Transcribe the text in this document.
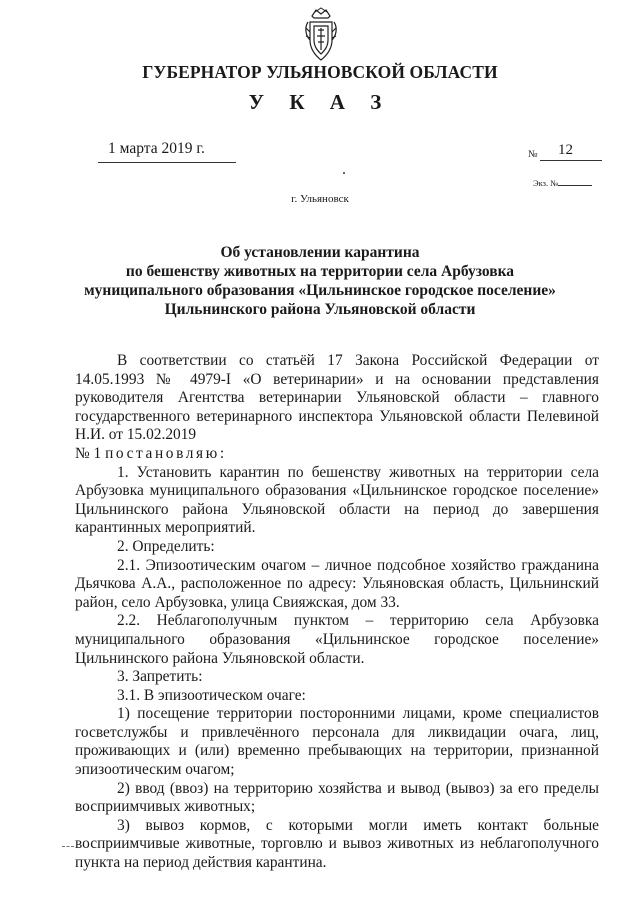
ГУБЕРНАТОР УЛЬЯНОВСКОЙ ОБЛАСТИ
У К А З
1 марта 2019 г.	№	12
Экз. №
г. Ульяновск
Об установлении карантина
по бешенству животных на территории села Арбузовка
муниципального образования «Цильнинское городское поселение»
Цильнинского района Ульяновской области

В соответствии со статьёй 17 Закона Российской Федерации от 14.05.1993 № 4979-I «О ветеринарии» и на основании представления руководителя Агентства ветеринарии Ульяновской области – главного государственного ветеринарного инспектора Ульяновской области Пелевиной Н.И. от 15.02.2019

№ 1 постановляю:

1. Установить карантин по бешенству животных на территории села Арбузовка муниципального образования «Цильнинское городское поселение» Цильнинского района Ульяновской области на период до завершения карантинных мероприятий.

2. Определить:

2.1. Эпизоотическим очагом – личное подсобное хозяйство гражданина Дьячкова А.А., расположенное по адресу: Ульяновская область, Цильнинский район, село Арбузовка, улица Свияжская, дом 33.

2.2. Неблагополучным пунктом – территорию села Арбузовка муниципального образования «Цильнинское городское поселение» Цильнинского района Ульяновской области.

3. Запретить:

3.1. В эпизоотическом очаге:

1) посещение территории посторонними лицами, кроме специалистов госветслужбы и привлечённого персонала для ликвидации очага, лиц, проживающих и (или) временно пребывающих на территории, признанной эпизоотическим очагом;

2) ввод (ввоз) на территорию хозяйства и вывод (вывоз) за его пределы восприимчивых животных;

3) вывоз кормов, с которыми могли иметь контакт больные восприимчивые животные, торговлю и вывоз животных из неблагополучного пункта на период действия карантина.
